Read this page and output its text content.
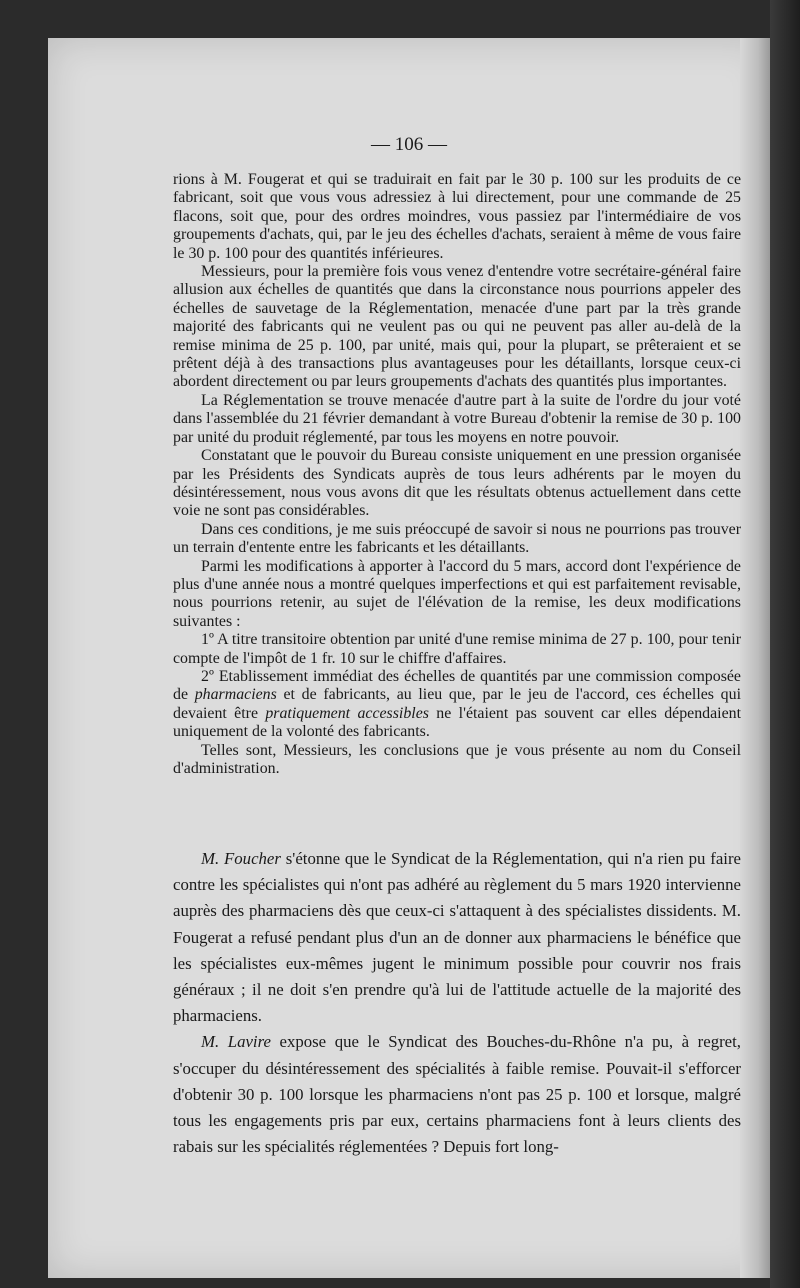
— 106 —

rions à M. Fougerat et qui se traduirait en fait par le 30 p. 100 sur les produits de ce fabricant, soit que vous vous adressiez à lui directement, pour une commande de 25 flacons, soit que, pour des ordres moindres, vous passiez par l'intermédiaire de vos groupements d'achats, qui, par le jeu des échelles d'achats, seraient à même de vous faire le 30 p. 100 pour des quantités inférieures.

Messieurs, pour la première fois vous venez d'entendre votre secrétaire-général faire allusion aux échelles de quantités que dans la circonstance nous pourrions appeler des échelles de sauvetage de la Réglementation, menacée d'une part par la très grande majorité des fabricants qui ne veulent pas ou qui ne peuvent pas aller au-delà de la remise minima de 25 p. 100, par unité, mais qui, pour la plupart, se prêteraient et se prêtent déjà à des transactions plus avantageuses pour les détaillants, lorsque ceux-ci abordent directement ou par leurs groupements d'achats des quantités plus importantes.

La Réglementation se trouve menacée d'autre part à la suite de l'ordre du jour voté dans l'assemblée du 21 février demandant à votre Bureau d'obtenir la remise de 30 p. 100 par unité du produit réglementé, par tous les moyens en notre pouvoir.

Constatant que le pouvoir du Bureau consiste uniquement en une pression organisée par les Présidents des Syndicats auprès de tous leurs adhérents par le moyen du désintéressement, nous vous avons dit que les résultats obtenus actuellement dans cette voie ne sont pas considérables.

Dans ces conditions, je me suis préoccupé de savoir si nous ne pourrions pas trouver un terrain d'entente entre les fabricants et les détaillants.

Parmi les modifications à apporter à l'accord du 5 mars, accord dont l'expérience de plus d'une année nous a montré quelques imperfections et qui est parfaitement revisable, nous pourrions retenir, au sujet de l'élévation de la remise, les deux modifications suivantes :

1º A titre transitoire obtention par unité d'une remise minima de 27 p. 100, pour tenir compte de l'impôt de 1 fr. 10 sur le chiffre d'affaires.

2º Etablissement immédiat des échelles de quantités par une commission composée de pharmaciens et de fabricants, au lieu que, par le jeu de l'accord, ces échelles qui devaient être pratiquement accessibles ne l'étaient pas souvent car elles dépendaient uniquement de la volonté des fabricants.

Telles sont, Messieurs, les conclusions que je vous présente au nom du Conseil d'administration.

M. Foucher s'étonne que le Syndicat de la Réglementation, qui n'a rien pu faire contre les spécialistes qui n'ont pas adhéré au règlement du 5 mars 1920 intervienne auprès des pharmaciens dès que ceux-ci s'attaquent à des spécialistes dissidents. M. Fougerat a refusé pendant plus d'un an de donner aux pharmaciens le bénéfice que les spécialistes eux-mêmes jugent le minimum possible pour couvrir nos frais généraux ; il ne doit s'en prendre qu'à lui de l'attitude actuelle de la majorité des pharmaciens.

M. Lavire expose que le Syndicat des Bouches-du-Rhône n'a pu, à regret, s'occuper du désintéressement des spécialités à faible remise. Pouvait-il s'efforcer d'obtenir 30 p. 100 lorsque les pharmaciens n'ont pas 25 p. 100 et lorsque, malgré tous les engagements pris par eux, certains pharmaciens font à leurs clients des rabais sur les spécialités réglementées ? Depuis fort long-
